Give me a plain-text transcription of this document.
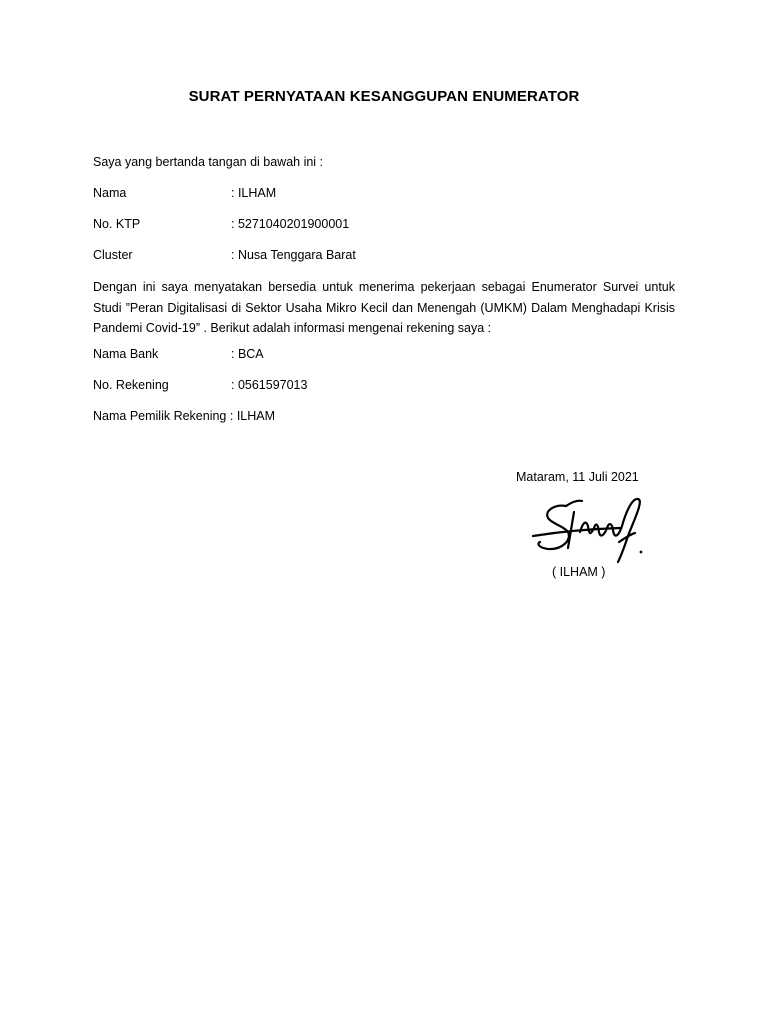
SURAT PERNYATAAN KESANGGUPAN ENUMERATOR
Saya yang bertanda tangan di bawah ini :
Nama	: ILHAM
No. KTP	: 5271040201900001
Cluster	: Nusa Tenggara Barat
Dengan ini saya menyatakan bersedia untuk menerima pekerjaan sebagai Enumerator Survei untuk Studi ”Peran Digitalisasi di Sektor Usaha Mikro Kecil dan Menengah (UMKM) Dalam Menghadapi Krisis Pandemi Covid-19” . Berikut adalah informasi mengenai rekening saya :
Nama Bank	: BCA
No. Rekening	: 0561597013
Nama Pemilik Rekening : ILHAM
Mataram, 11 Juli 2021
( ILHAM )
